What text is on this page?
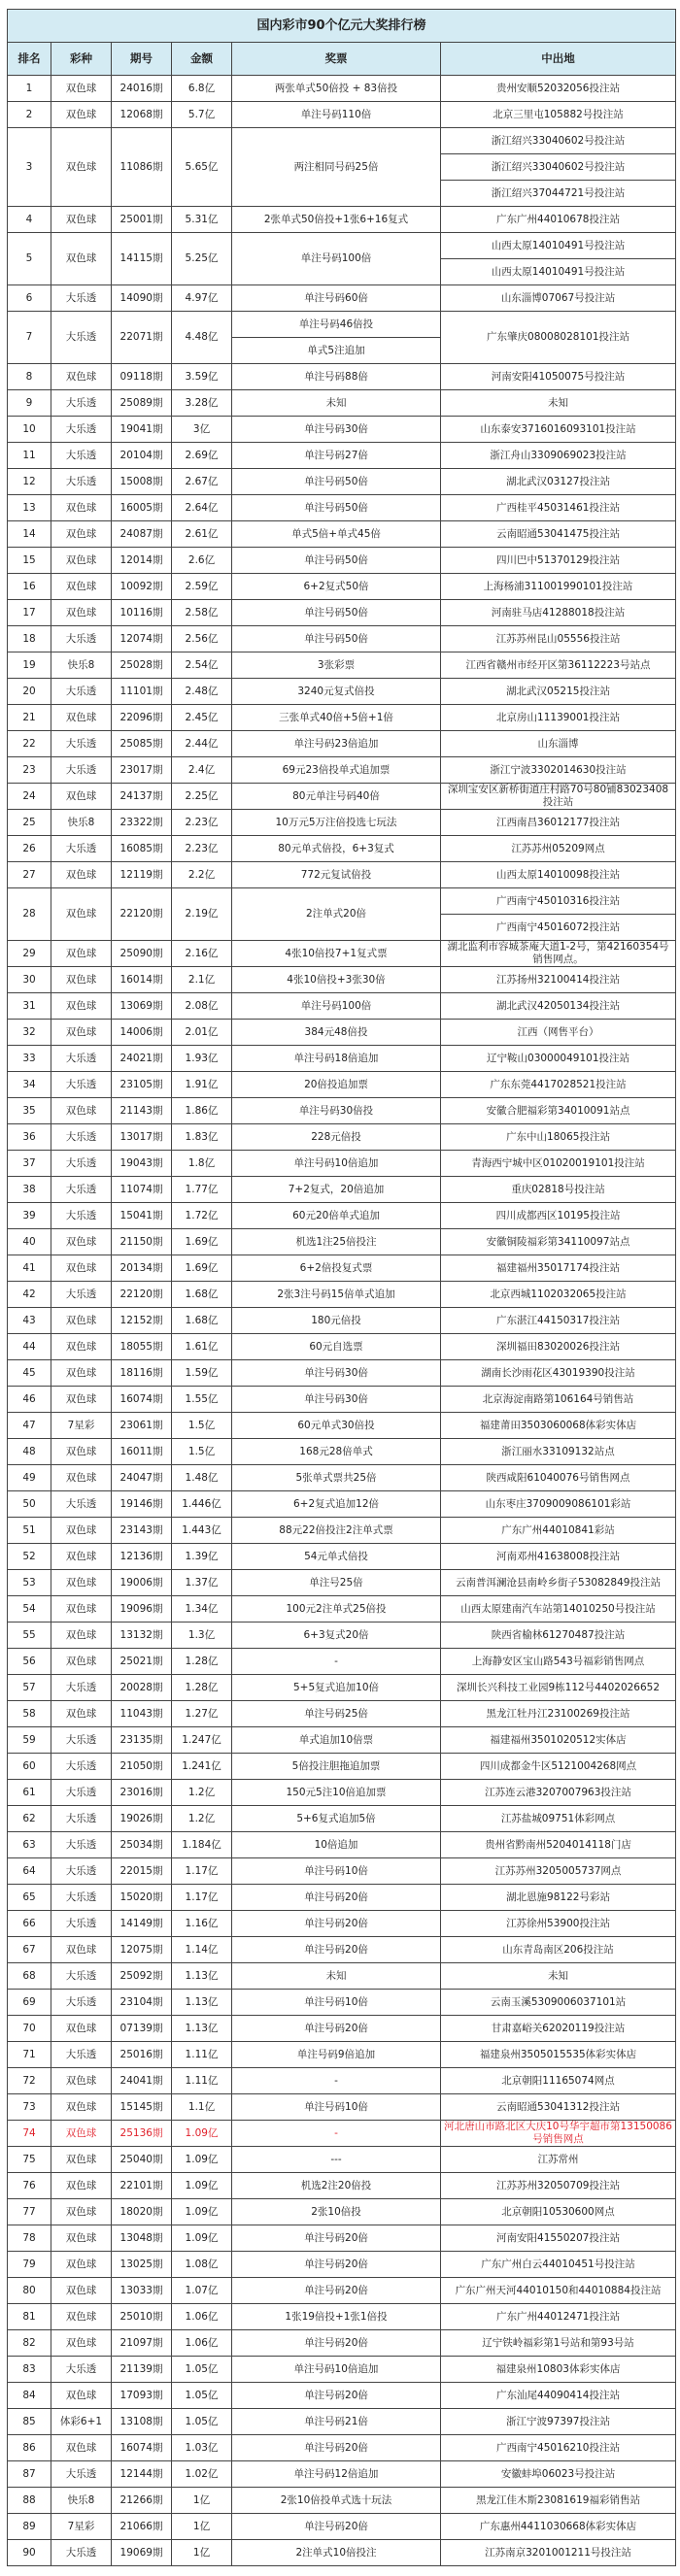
国内彩市90个亿元大奖排行榜					
排名	彩种	期号	金额	奖票	中出地
1	双色球	24016期	6.8亿	两张单式50倍投 + 83倍投	贵州安顺52032056投注站
2	双色球	12068期	5.7亿	单注号码110倍	北京三里屯105882号投注站
3	双色球	11086期	5.65亿	两注相同号码25倍	浙江绍兴33040602号投注站
					浙江绍兴33040602号投注站
					浙江绍兴37044721号投注站
4	双色球	25001期	5.31亿	2张单式50倍投+1张6+16复式	广东广州44010678投注站
5	双色球	14115期	5.25亿	单注号码100倍	山西太原14010491号投注站
					山西太原14010491号投注站
6	大乐透	14090期	4.97亿	单注号码60倍	山东淄博07067号投注站
7	大乐透	22071期	4.48亿	单注号码46倍投	广东肇庆08008028101投注站
				单式5注追加	
8	双色球	09118期	3.59亿	单注号码88倍	河南安阳41050075号投注站
9	大乐透	25089期	3.28亿	未知	未知
10	大乐透	19041期	3亿	单注号码30倍	山东泰安3716016093101投注站
11	大乐透	20104期	2.69亿	单注号码27倍	浙江舟山3309069023投注站
12	大乐透	15008期	2.67亿	单注号码50倍	湖北武汉03127投注站
13	双色球	16005期	2.64亿	单注号码50倍	广西桂平45031461投注站
14	双色球	24087期	2.61亿	单式5倍+单式45倍	云南昭通53041475投注站
15	双色球	12014期	2.6亿	单注号码50倍	四川巴中51370129投注站
16	双色球	10092期	2.59亿	6+2复式50倍	上海杨浦311001990101投注站
17	双色球	10116期	2.58亿	单注号码50倍	河南驻马店41288018投注站
18	大乐透	12074期	2.56亿	单注号码50倍	江苏苏州昆山05556投注站
19	快乐8	25028期	2.54亿	3张彩票	江西省赣州市经开区第36112223号站点
20	大乐透	11101期	2.48亿	3240元复式倍投	湖北武汉05215投注站
21	双色球	22096期	2.45亿	三张单式40倍+5倍+1倍	北京房山11139001投注站
22	大乐透	25085期	2.44亿	单注号码23倍追加	山东淄博
23	大乐透	23017期	2.4亿	69元23倍投单式追加票	浙江宁波3302014630投注站
24	双色球	24137期	2.25亿	80元单注号码40倍	深圳宝安区新桥街道庄村路70号80铺83023408投注站
25	快乐8	23322期	2.23亿	10万元5万注倍投选七玩法	江西南昌36012177投注站
26	大乐透	16085期	2.23亿	80元单式倍投，6+3复式	江苏苏州05209网点
27	双色球	12119期	2.2亿	772元复试倍投	山西太原14010098投注站
28	双色球	22120期	2.19亿	2注单式20倍	广西南宁45010316投注站
					广西南宁45016072投注站
29	双色球	25090期	2.16亿	4张10倍投7+1复式票	湖北监利市容城茶庵大道1-2号，第42160354号销售网点。
30	双色球	16014期	2.1亿	4张10倍投+3张30倍	江苏扬州32100414投注站
31	双色球	13069期	2.08亿	单注号码100倍	湖北武汉42050134投注站
32	双色球	14006期	2.01亿	384元48倍投	江西（网售平台）
33	大乐透	24021期	1.93亿	单注号码18倍追加	辽宁鞍山03000049101投注站
34	大乐透	23105期	1.91亿	20倍投追加票	广东东莞4417028521投注站
35	双色球	21143期	1.86亿	单注号码30倍投	安徽合肥福彩第34010091站点
36	大乐透	13017期	1.83亿	228元倍投	广东中山18065投注站
37	大乐透	19043期	1.8亿	单注号码10倍追加	青海西宁城中区01020019101投注站
38	大乐透	11074期	1.77亿	7+2复式，20倍追加	重庆02818号投注站
39	大乐透	15041期	1.72亿	60元20倍单式追加	四川成都西区10195投注站
40	双色球	21150期	1.69亿	机选1注25倍投注	安徽铜陵福彩第34110097站点
41	双色球	20134期	1.69亿	6+2倍投复式票	福建福州35017174投注站
42	大乐透	22120期	1.68亿	2张3注号码15倍单式追加	北京西城1102032065投注站
43	双色球	12152期	1.68亿	180元倍投	广东湛江44150317投注站
44	双色球	18055期	1.61亿	60元自选票	深圳福田83020026投注站
45	双色球	18116期	1.59亿	单注号码30倍	湖南长沙雨花区43019390投注站
46	双色球	16074期	1.55亿	单注号码30倍	北京海淀南路第106164号销售站
47	7星彩	23061期	1.5亿	60元单式30倍投	福建莆田3503060068体彩实体店
48	双色球	16011期	1.5亿	168元28倍单式	浙江丽水33109132站点
49	双色球	24047期	1.48亿	5张单式票共25倍	陕西咸阳61040076号销售网点
50	大乐透	19146期	1.446亿	6+2复式追加12倍	山东枣庄3709009086101彩站
51	双色球	23143期	1.443亿	88元22倍投注2注单式票	广东广州44010841彩站
52	双色球	12136期	1.39亿	54元单式倍投	河南邓州41638008投注站
53	双色球	19006期	1.37亿	单注号25倍	云南普洱澜沧县南岭乡街子53082849投注站
54	双色球	19096期	1.34亿	100元2注单式25倍投	山西太原建南汽车站第14010250号投注站
55	双色球	13132期	1.3亿	6+3复式20倍	陕西省榆林61270487投注站
56	双色球	25021期	1.28亿	-	上海静安区宝山路543号福彩销售网点
57	大乐透	20028期	1.28亿	5+5复式追加10倍	深圳长兴科技工业园9栋112号4402026652
58	双色球	11043期	1.27亿	单注号码25倍	黑龙江牡丹江23100269投注站
59	大乐透	23135期	1.247亿	单式追加10倍票	福建福州3501020512实体店
60	大乐透	21050期	1.241亿	5倍投注胆拖追加票	四川成都金牛区5121004268网点
61	大乐透	23016期	1.2亿	150元5注10倍追加票	江苏连云港3207007963投注站
62	大乐透	19026期	1.2亿	5+6复式追加5倍	江苏盐城09751体彩网点
63	大乐透	25034期	1.184亿	10倍追加	贵州省黔南州5204014118门店
64	大乐透	22015期	1.17亿	单注号码10倍	江苏苏州3205005737网点
65	大乐透	15020期	1.17亿	单注号码20倍	湖北恩施98122号彩站
66	大乐透	14149期	1.16亿	单注号码20倍	江苏徐州53900投注站
67	双色球	12075期	1.14亿	单注号码20倍	山东青岛南区206投注站
68	大乐透	25092期	1.13亿	未知	未知
69	大乐透	23104期	1.13亿	单注号码10倍	云南玉溪5309006037101站
70	双色球	07139期	1.13亿	单注号码20倍	甘肃嘉峪关62020119投注站
71	大乐透	25016期	1.11亿	单注号码9倍追加	福建泉州3505015535体彩实体店
72	双色球	24041期	1.11亿	-	北京朝阳11165074网点
73	双色球	15145期	1.1亿	单注号码10倍	云南昭通53041312投注站
74	双色球	25136期	1.09亿	-	河北唐山市路北区大庆10号华宇超市第13150086号销售网点
75	双色球	25040期	1.09亿	---	江苏常州
76	双色球	22101期	1.09亿	机选2注20倍投	江苏苏州32050709投注站
77	双色球	18020期	1.09亿	2张10倍投	北京朝阳10530600网点
78	双色球	13048期	1.09亿	单注号码20倍	河南安阳41550207投注站
79	双色球	13025期	1.08亿	单注号码20倍	广东广州白云44010451号投注站
80	双色球	13033期	1.07亿	单注号码20倍	广东广州天河44010150和44010884投注站
81	双色球	25010期	1.06亿	1张19倍投+1张1倍投	广东广州44012471投注站
82	双色球	21097期	1.06亿	单注号码20倍	辽宁铁岭福彩第1号站和第93号站
83	大乐透	21139期	1.05亿	单注号码10倍追加	福建泉州10803体彩实体店
84	双色球	17093期	1.05亿	单注号码20倍	广东汕尾44090414投注站
85	体彩6+1	13108期	1.05亿	单注号码21倍	浙江宁波97397投注站
86	双色球	16074期	1.03亿	单注号码20倍	广西南宁45016210投注站
87	大乐透	12144期	1.02亿	单注号码12倍追加	安徽蚌埠06023号投注站
88	快乐8	21266期	1亿	2张10倍投单式选十玩法	黑龙江佳木斯23081619福彩销售站
89	7星彩	21066期	1亿	单注号码20倍	广东惠州4411030668体彩实体店
90	大乐透	19069期	1亿	2注单式10倍投注	江苏南京3201001211号投注站
